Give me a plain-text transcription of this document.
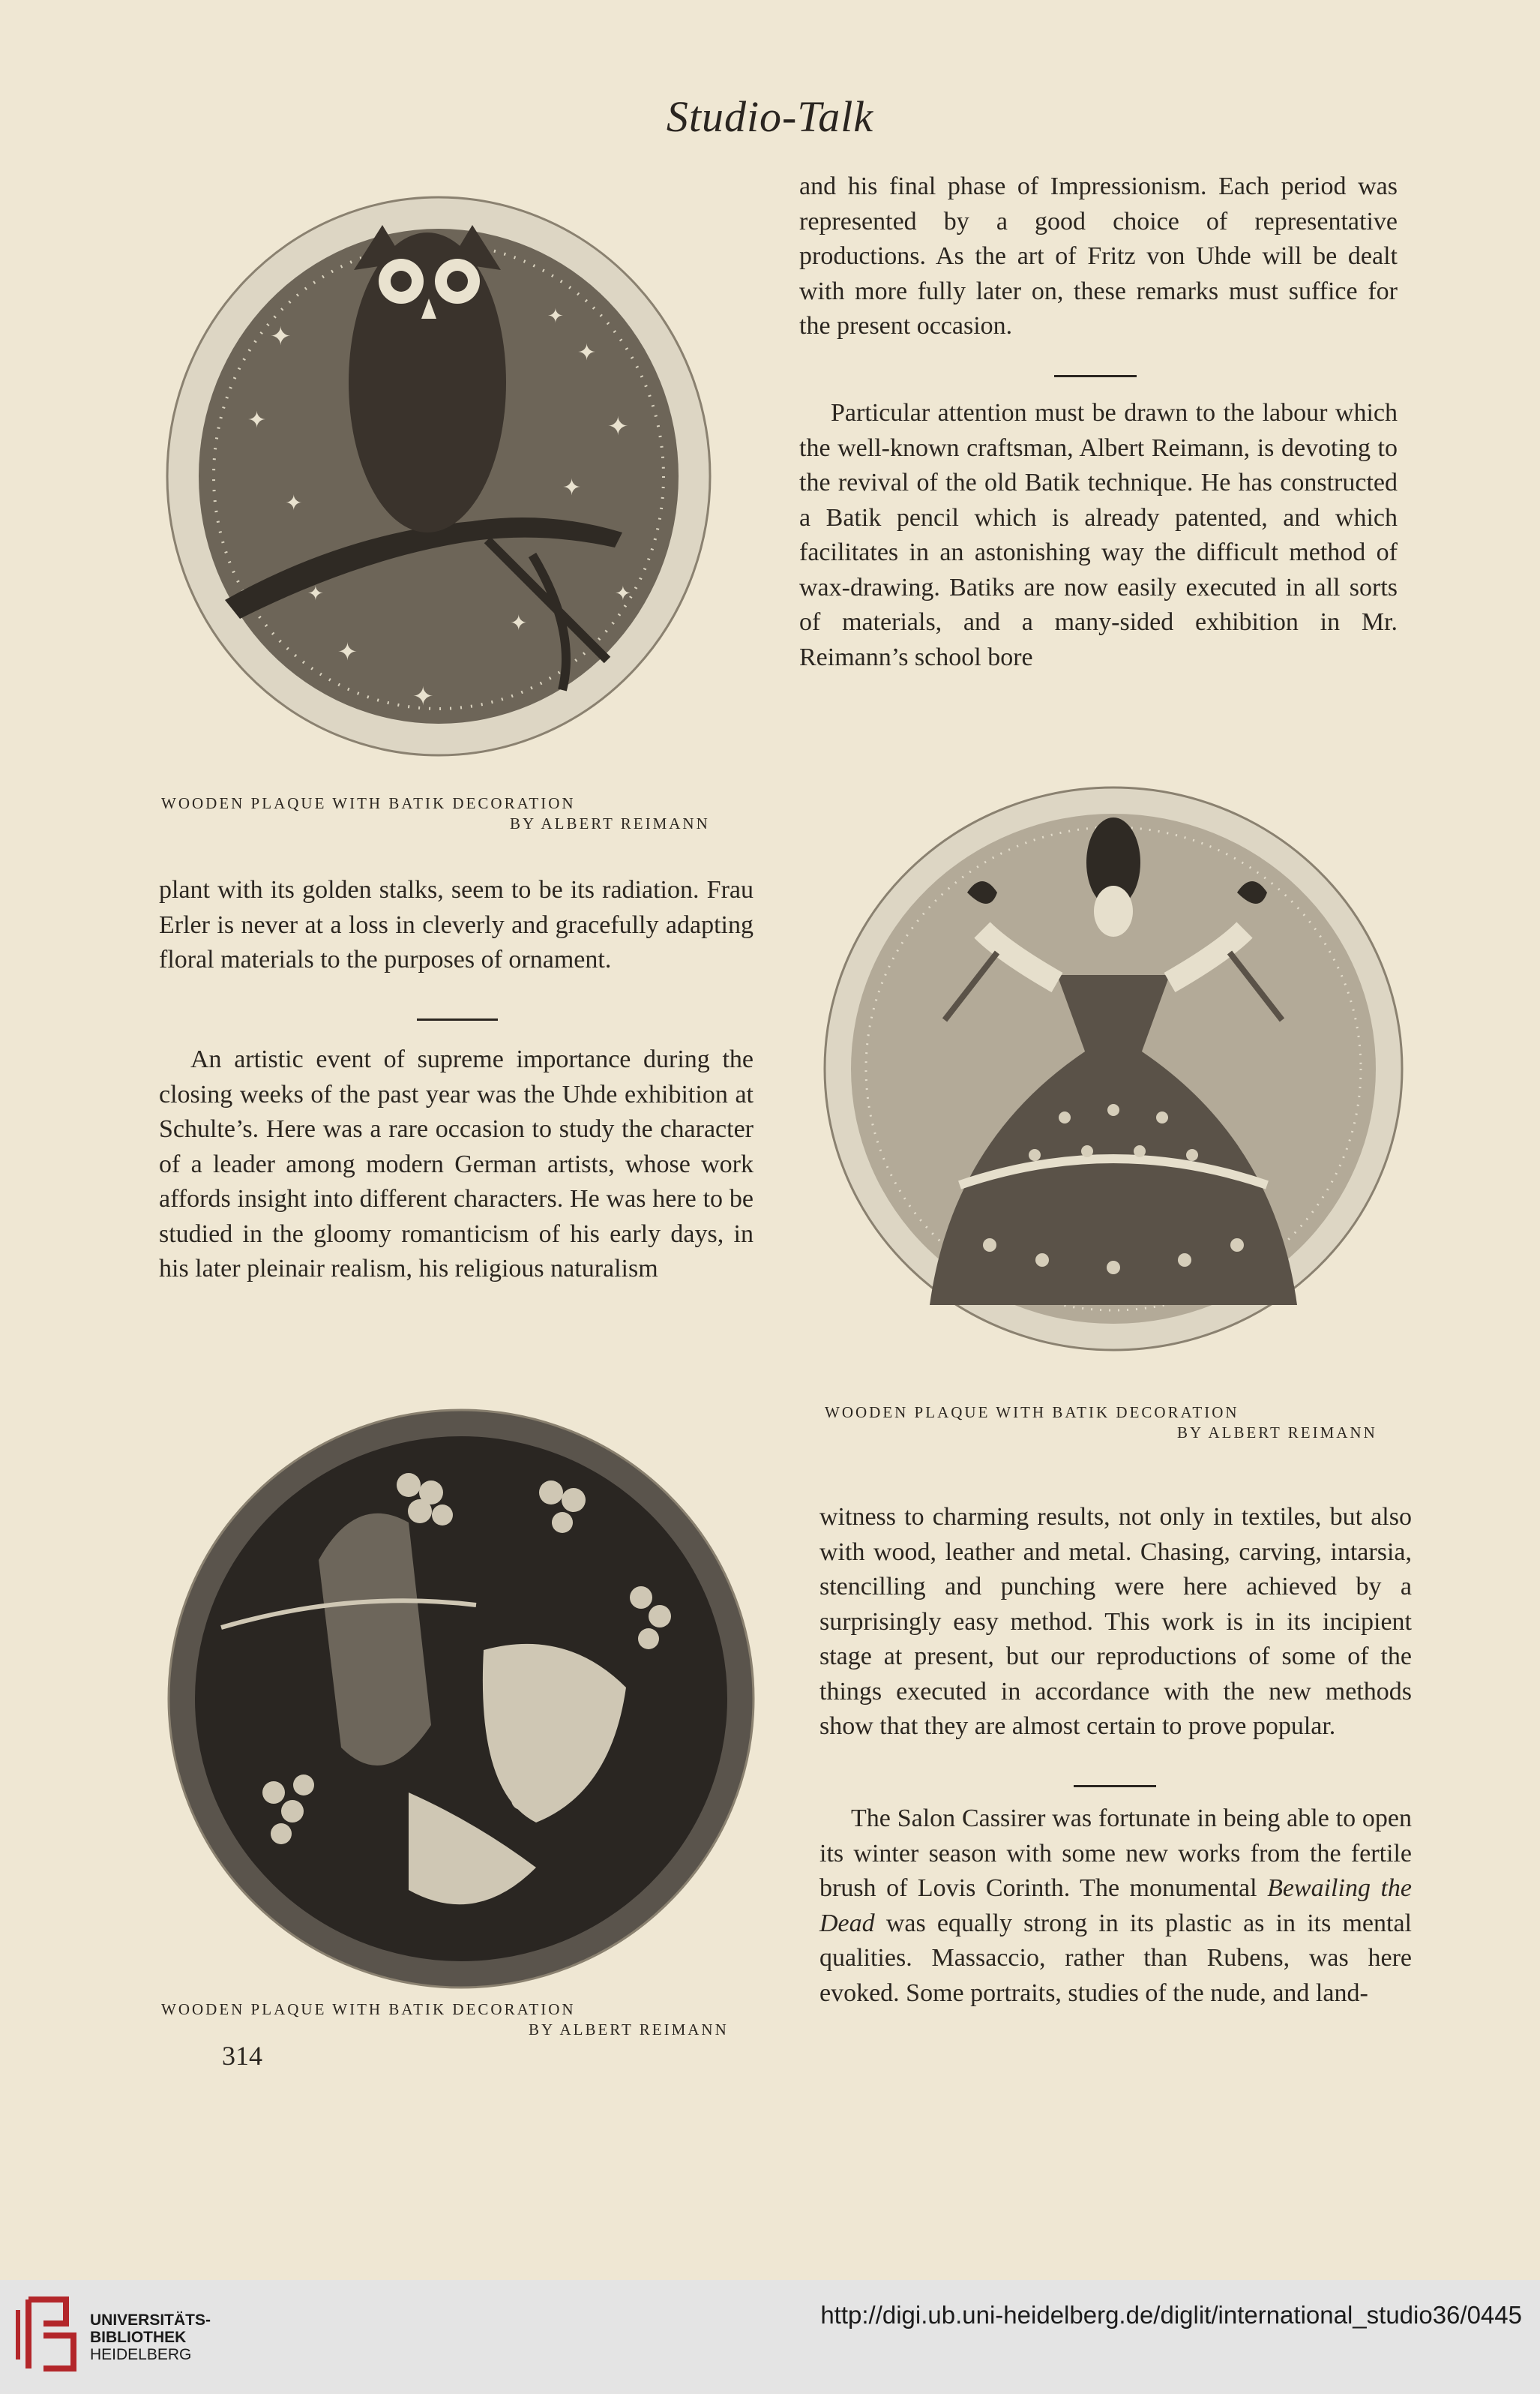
Studio-Talk
✦
✦
✦	✦
✦
✦
✦
✦
✦
✦
✦
✦
WOODEN PLAQUE WITH BATIK DECORATION
BY ALBERT REIMANN

and his final phase of Impressionism. Each period was represented by a good choice of representative productions. As the art of Fritz von Uhde will be dealt with more fully later on, these remarks must suffice for the present occasion.

Particular attention must be drawn to the labour which the well-known craftsman, Albert Reimann, is devoting to the revival of the old Batik technique. He has constructed a Batik pencil which is already patented, and which facilitates in an astonishing way the difficult method of wax-drawing. Batiks are now easily executed in all sorts of materials, and a many-sided exhibition in Mr. Reimann’s school bore

plant with its golden stalks, seem to be its radiation. Frau Erler is never at a loss in cleverly and gracefully adapting floral materials to the purposes of ornament.

An artistic event of supreme importance during the closing weeks of the past year was the Uhde exhibition at Schulte’s. Here was a rare occasion to study the character of a leader among modern German artists, whose work affords insight into different characters. He was here to be studied in the gloomy romanticism of his early days, in his later pleinair realism, his religious naturalism

WOODEN PLAQUE WITH BATIK DECORATION
BY ALBERT REIMANN
WOODEN PLAQUE WITH BATIK DECORATION
BY ALBERT REIMANN

witness to charming results, not only in textiles, but also with wood, leather and metal. Chasing, carving, intarsia, stencilling and punching were here achieved by a surprisingly easy method. This work is in its incipient stage at present, but our reproductions of some of the things executed in accordance with the new methods show that they are almost certain to prove popular.

The Salon Cassirer was fortunate in being able to open its winter season with some new works from the fertile brush of Lovis Corinth. The monumental Bewailing the Dead was equally strong in its plastic as in its mental qualities. Massaccio, rather than Rubens, was here evoked. Some portraits, studies of the nude, and land-

314
UNIVERSITÄTS-
BIBLIOTHEK
HEIDELBERG
http://digi.ub.uni-heidelberg.de/diglit/international_studio36/0445
